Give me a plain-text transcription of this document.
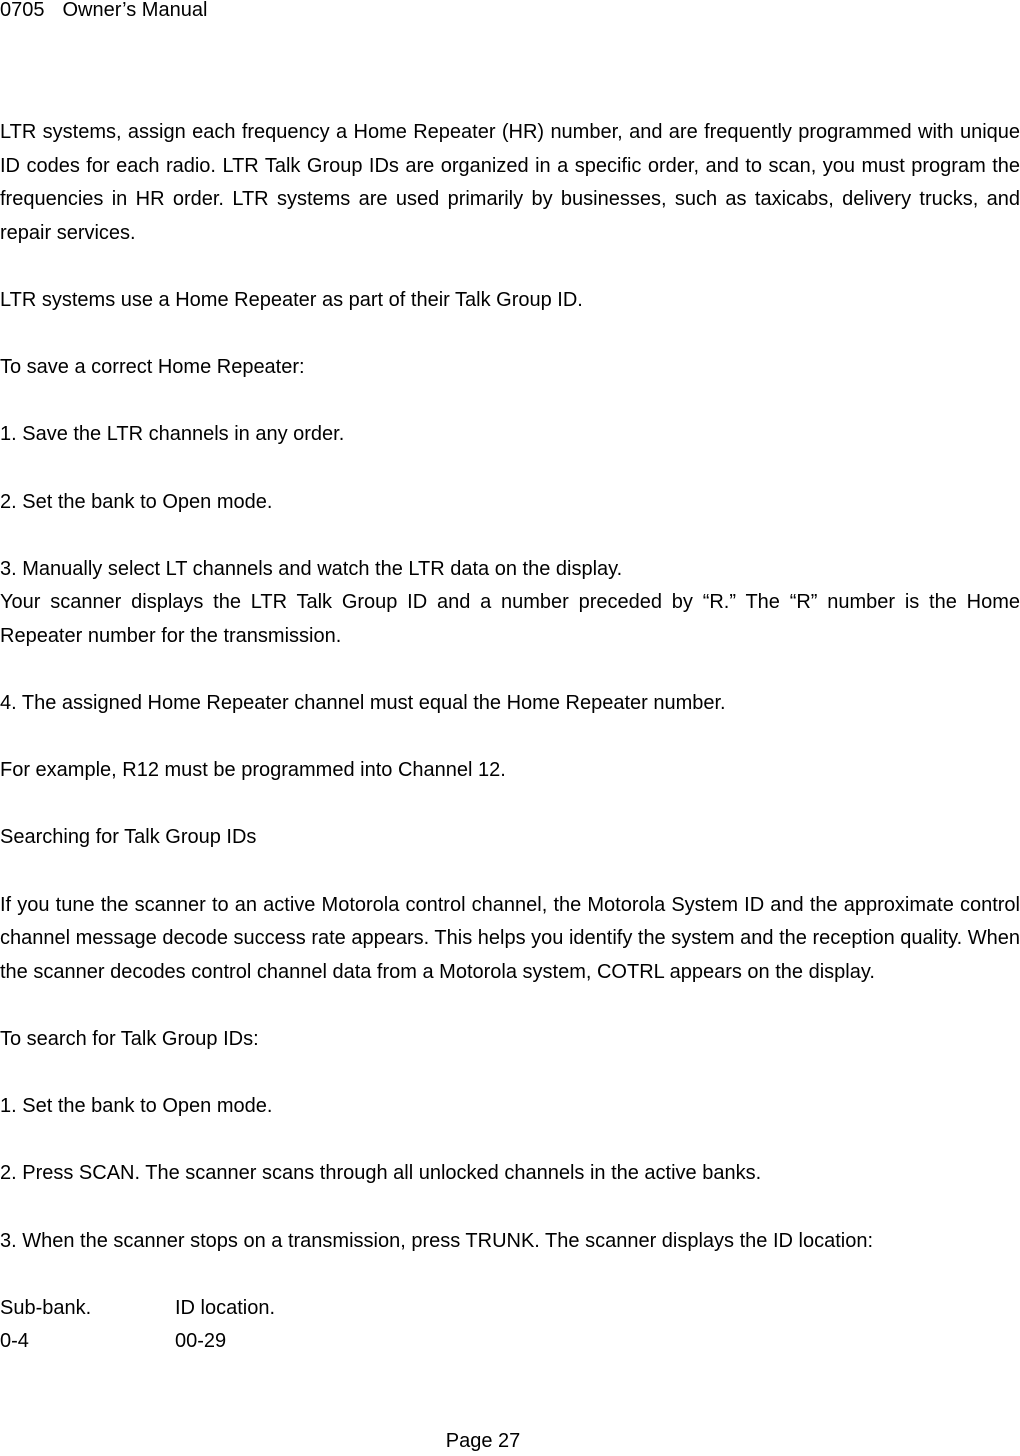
0705 Owner’s Manual

LTR systems, assign each frequency a Home Repeater (HR) number, and are frequently programmed with unique ID codes for each radio. LTR Talk Group IDs are organized in a specific order, and to scan, you must program the frequencies in HR order. LTR systems are used primarily by businesses, such as taxicabs, delivery trucks, and repair services.

LTR systems use a Home Repeater as part of their Talk Group ID.

To save a correct Home Repeater:

1. Save the LTR channels in any order.

2. Set the bank to Open mode.

3. Manually select LT channels and watch the LTR data on the display.

Your scanner displays the LTR Talk Group ID and a number preceded by “R.” The “R” number is the Home Repeater number for the transmission.

4. The assigned Home Repeater channel must equal the Home Repeater number.

For example, R12 must be programmed into Channel 12.

Searching for Talk Group IDs

If you tune the scanner to an active Motorola control channel, the Motorola System ID and the approximate control channel message decode success rate appears. This helps you identify the system and the reception quality. When the scanner decodes control channel data from a Motorola system, COTRL appears on the display.

To search for Talk Group IDs:

1. Set the bank to Open mode.

2. Press SCAN. The scanner scans through all unlocked channels in the active banks.

3. When the scanner stops on a transmission, press TRUNK. The scanner displays the ID location:

Sub-bank.	ID location.
0-4	00-29
Page 27
